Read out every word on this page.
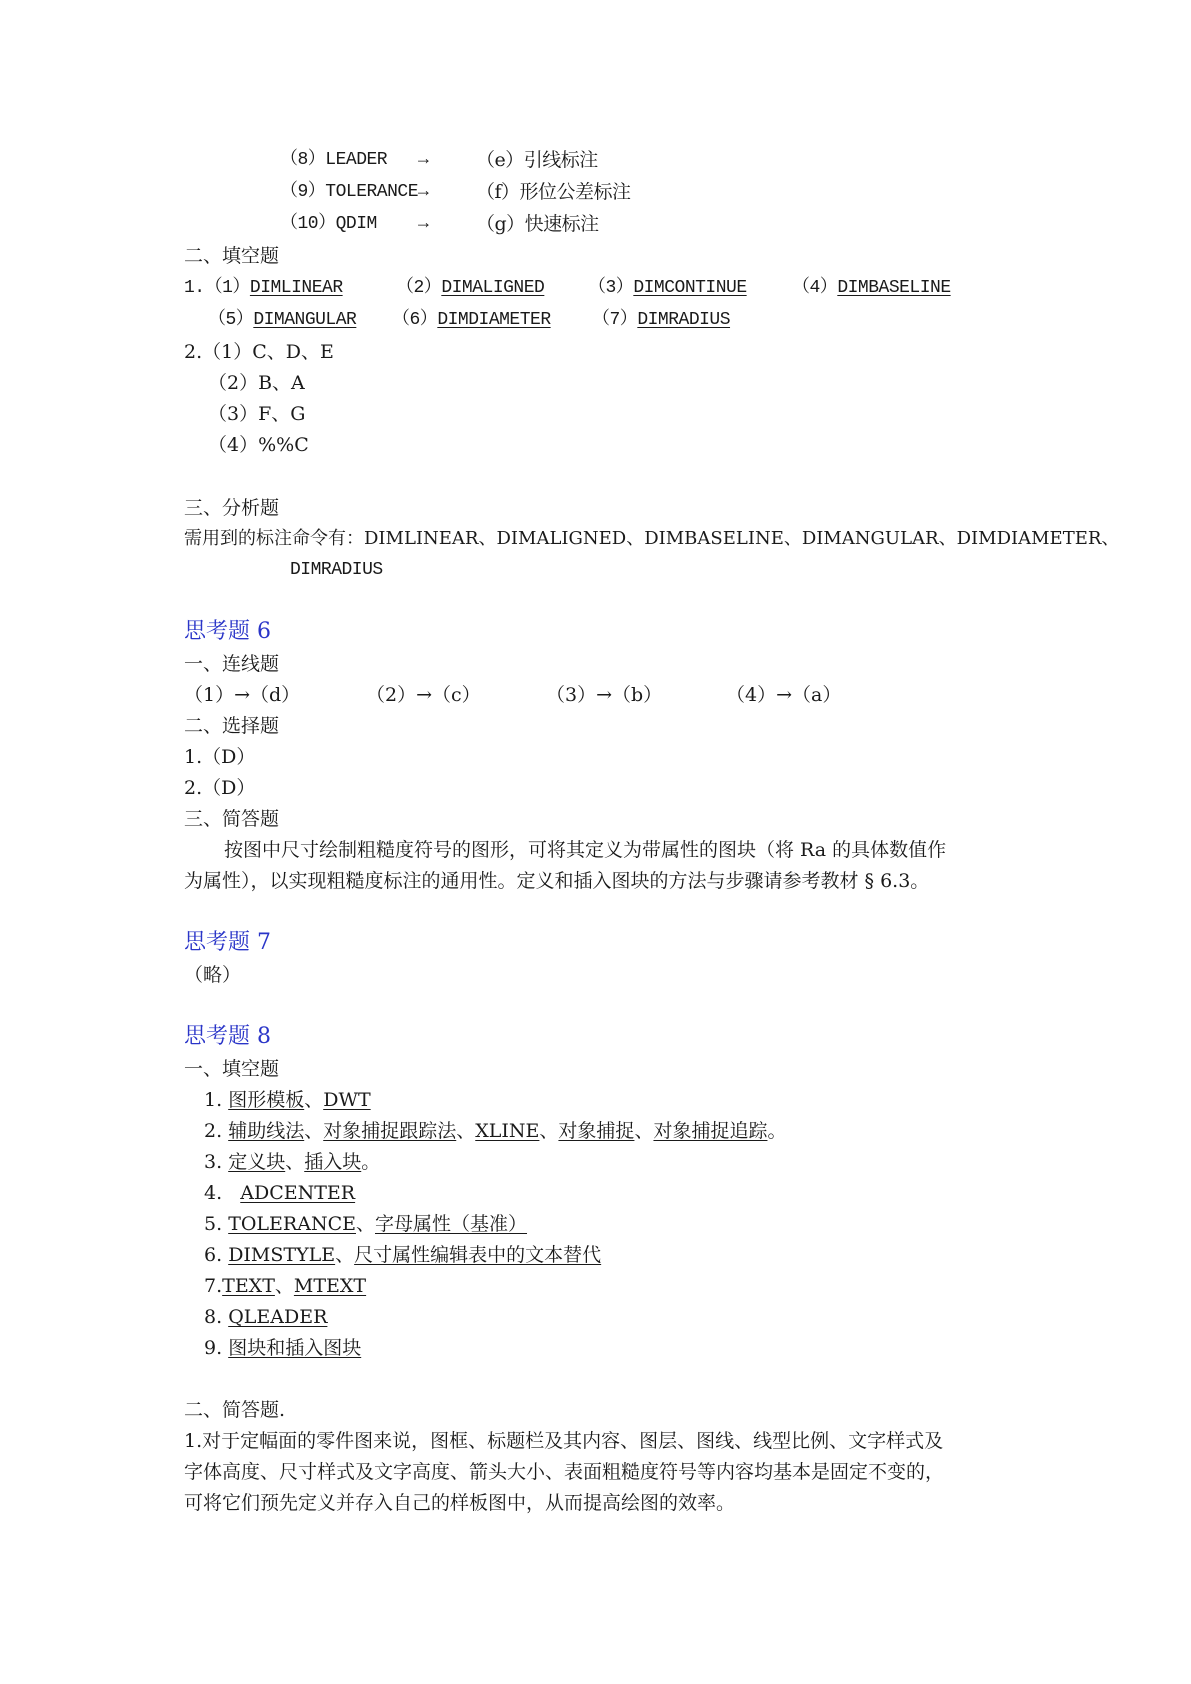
（8）LEADER →	（e）引线标注
（9）TOLERANCE →	（f）形位公差标注
（10）QDIM →	（g）快速标注
二、填空题
1.（1）DIMLINEAR	（2）DIMALIGNED （3）DIMCONTINUE	（4）DIMBASELINE
（5）DIMANGULAR （6）DIMDIAMETER （7）DIMRADIUS
2.（1）C、D、E
（2）B、A
（3）F、G
（4）%%C
三、分析题
需用到的标注命令有：DIMLINEAR、DIMALIGNED、DIMBASELINE、DIMANGULAR、DIMDIAMETER、
DIMRADIUS
思考题 6
一、连线题
（1）→（d）	（2）→（c）	（3）→（b）	（4）→（a）
二、选择题
1.（D）
2.（D）
三、简答题
按图中尺寸绘制粗糙度符号的图形，可将其定义为带属性的图块（将 Ra 的具体数值作
为属性），以实现粗糙度标注的通用性。定义和插入图块的方法与步骤请参考教材 § 6.3。
思考题 7
（略）
思考题 8
一、填空题
1. 图形模板、DWT
2. 辅助线法、对象捕捉跟踪法、XLINE、对象捕捉、对象捕捉追踪。
3. 定义块、插入块。
4. ADCENTER
5. TOLERANCE、字母属性（基准）
6. DIMSTYLE、尺寸属性编辑表中的文本替代
7.TEXT、MTEXT
8. QLEADER
9. 图块和插入图块
二、简答题.
1.对于定幅面的零件图来说，图框、标题栏及其内容、图层、图线、线型比例、文字样式及
字体高度、尺寸样式及文字高度、箭头大小、表面粗糙度符号等内容均基本是固定不变的，
可将它们预先定义并存入自己的样板图中，从而提高绘图的效率。
